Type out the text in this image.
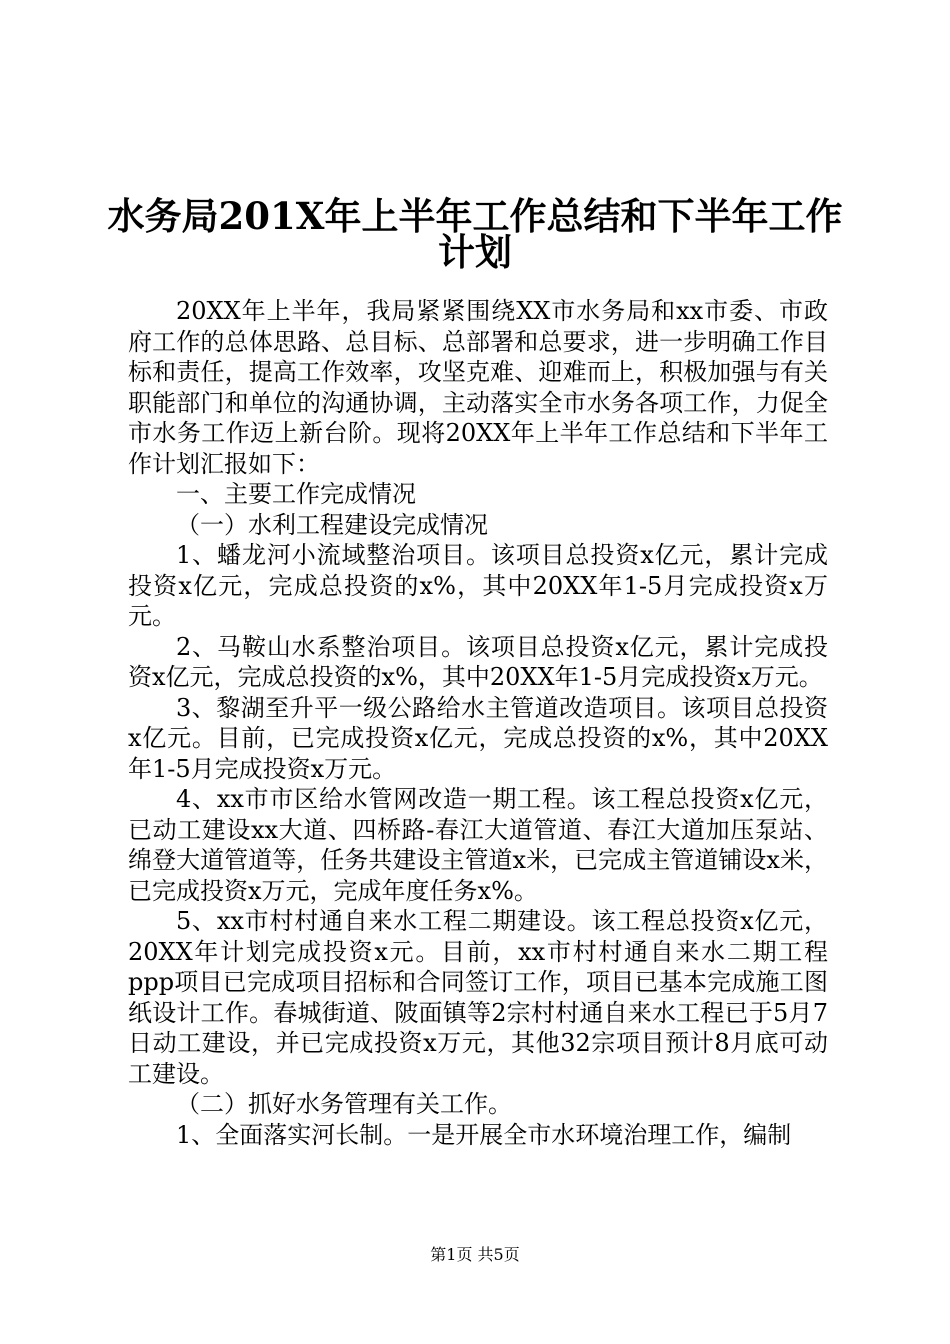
水务局201X年上半年工作总结和下半年工作
计划

20XX年上半年，我局紧紧围绕XX市水务局和xx市委、市政府工作的总体思路、总目标、总部署和总要求，进一步明确工作目标和责任，提高工作效率，攻坚克难、迎难而上，积极加强与有关职能部门和单位的沟通协调，主动落实全市水务各项工作，力促全市水务工作迈上新台阶。现将20XX年上半年工作总结和下半年工作计划汇报如下：

一、主要工作完成情况

（一）水利工程建设完成情况

1、蟠龙河小流域整治项目。该项目总投资x亿元，累计完成投资x亿元，完成总投资的x%，其中20XX年1-5月完成投资x万元。

2、马鞍山水系整治项目。该项目总投资x亿元，累计完成投资x亿元，完成总投资的x%，其中20XX年1-5月完成投资x万元。

3、黎湖至升平一级公路给水主管道改造项目。该项目总投资x亿元。目前，已完成投资x亿元，完成总投资的x%，其中20XX年1-5月完成投资x万元。

4、xx市市区给水管网改造一期工程。该工程总投资x亿元，已动工建设xx大道、四桥路-春江大道管道、春江大道加压泵站、绵登大道管道等，任务共建设主管道x米，已完成主管道铺设x米，已完成投资x万元，完成年度任务x%。

5、xx市村村通自来水工程二期建设。该工程总投资x亿元，20XX年计划完成投资x元。目前，xx市村村通自来水二期工程ppp项目已完成项目招标和合同签订工作，项目已基本完成施工图纸设计工作。春城街道、陂面镇等2宗村村通自来水工程已于5月7日动工建设，并已完成投资x万元，其他32宗项目预计8月底可动工建设。

（二）抓好水务管理有关工作。

1、全面落实河长制。一是开展全市水环境治理工作，编制

第1页 共5页
